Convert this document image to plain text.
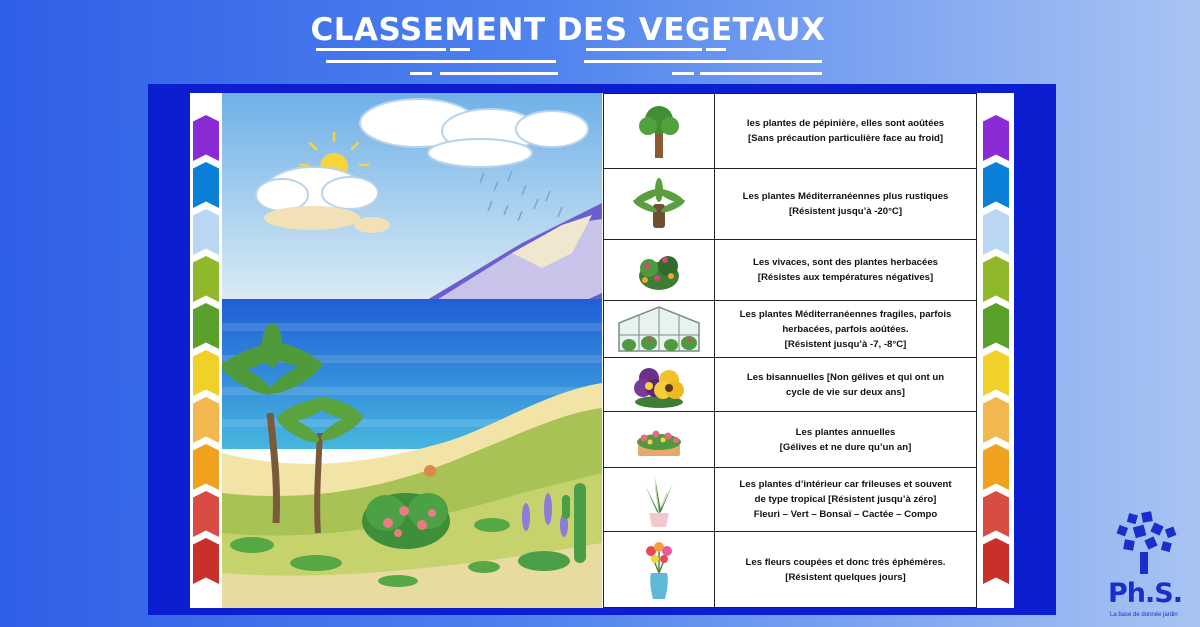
CLASSEMENT DES VEGETAUX
les plantes de pépinière, elles sont aoûtées
[Sans précaution particulière face au froid]
Les plantes Méditerranéennes plus rustiques
[Résistent jusqu’à -20°C]
Les vivaces, sont des plantes herbacées
[Résistes aux températures négatives]
Les plantes Méditerranéennes fragiles, parfois
herbacées, parfois aoûtées.
[Résistent jusqu’à -7, -8°C]
Les bisannuelles [Non gélives et qui ont un
cycle de vie sur deux ans]
Les plantes annuelles
[Gélives et ne dure qu’un an]
Les plantes d’intérieur car frileuses et souvent
de type tropical [Résistent jusqu’à zéro]
Fleuri – Vert – Bonsaï – Cactée – Compo
Les fleurs coupées et donc très éphémères.
[Résistent quelques jours]
Ph.S.
La base de donnée jardin
